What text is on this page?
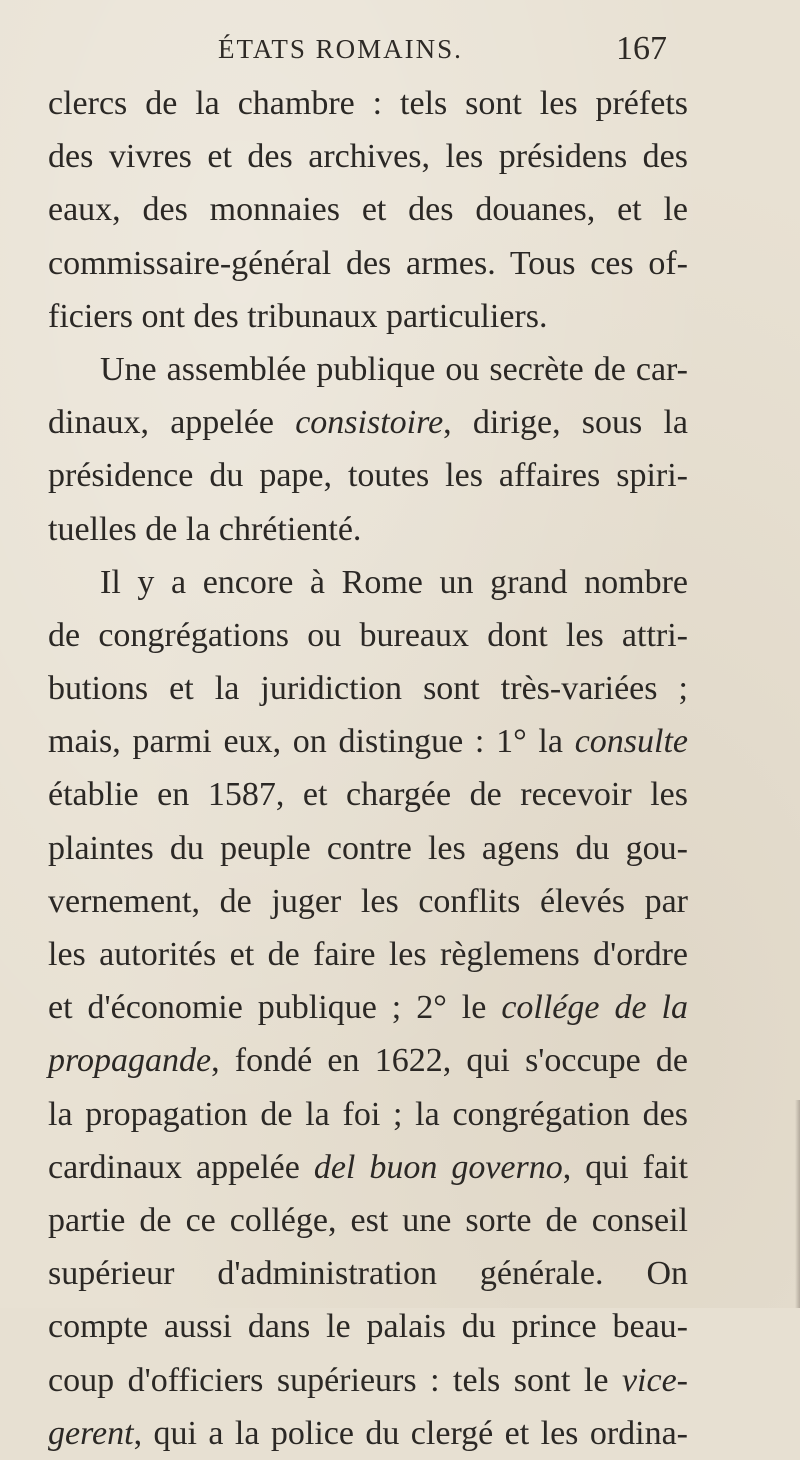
ÉTATS ROMAINS.	167
clercs de la chambre : tels sont les préfets
des vivres et des archives, les présidens des
eaux, des monnaies et des douanes, et le
commissaire-général des armes. Tous ces of-
ficiers ont des tribunaux particuliers.
Une assemblée publique ou secrète de car-
dinaux, appelée consistoire, dirige, sous la
présidence du pape, toutes les affaires spiri-
tuelles de la chrétienté.
Il y a encore à Rome un grand nombre
de congrégations ou bureaux dont les attri-
butions et la juridiction sont très-variées ;
mais, parmi eux, on distingue : 1° la consulte
établie en 1587, et chargée de recevoir les
plaintes du peuple contre les agens du gou-
vernement, de juger les conflits élevés par
les autorités et de faire les règlemens d'ordre
et d'économie publique ; 2° le collége de la
propagande, fondé en 1622, qui s'occupe de
la propagation de la foi ; la congrégation des
cardinaux appelée del buon governo, qui fait
partie de ce collége, est une sorte de conseil
supérieur d'administration générale. On
compte aussi dans le palais du prince beau-
coup d'officiers supérieurs : tels sont le vice-
gerent, qui a la police du clergé et les ordina-
